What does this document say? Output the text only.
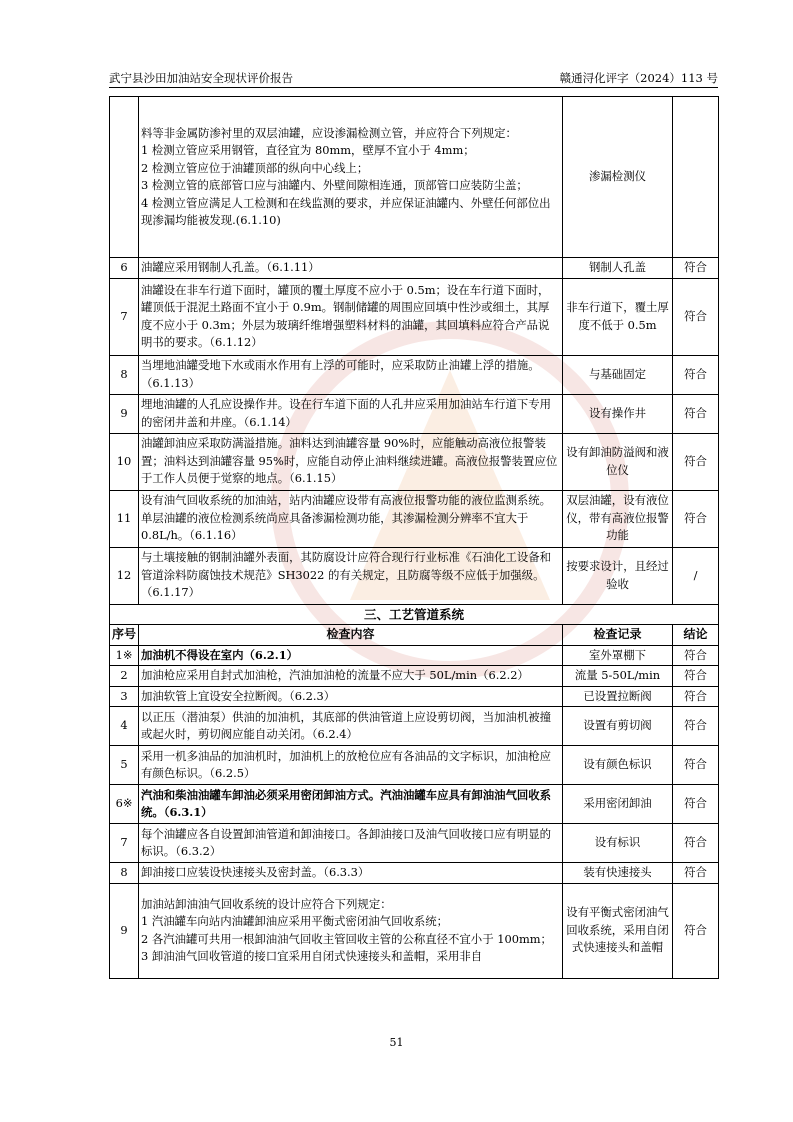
武宁县沙田加油站安全现状评价报告	赣通浔化评字（2024）113 号
	料等非金属防渗衬里的双层油罐，应设渗漏检测立管，并应符合下列规定：
1 检测立管应采用钢管，直径宜为 80mm，壁厚不宜小于 4mm；
2 检测立管应位于油罐顶部的纵向中心线上；
3 检测立管的底部管口应与油罐内、外壁间隙相连通，顶部管口应装防尘盖；
4 检测立管应满足人工检测和在线监测的要求，并应保证油罐内、外壁任何部位出现渗漏均能被发现.(6.1.10)	渗漏检测仪	
6	油罐应采用钢制人孔盖。（6.1.11）	钢制人孔盖	符合
7	油罐设在非车行道下面时，罐顶的覆土厚度不应小于 0.5m；设在车行道下面时，罐顶低于混泥土路面不宜小于 0.9m。钢制储罐的周围应回填中性沙或细土，其厚度不应小于 0.3m；外层为玻璃纤维增强塑料材料的油罐，其回填料应符合产品说明书的要求。（6.1.12）	非车行道下，覆土厚度不低于 0.5m	符合
8	当埋地油罐受地下水或雨水作用有上浮的可能时，应采取防止油罐上浮的措施。（6.1.13）	与基础固定	符合
9	埋地油罐的人孔应设操作井。设在行车道下面的人孔井应采用加油站车行道下专用的密闭井盖和井座。（6.1.14）	设有操作井	符合
10	油罐卸油应采取防满溢措施。油料达到油罐容量 90%时，应能触动高液位报警装置；油料达到油罐容量 95%时，应能自动停止油料继续进罐。高液位报警装置应位于工作人员便于觉察的地点。（6.1.15）	设有卸油防溢阀和液位仪	符合
11	设有油气回收系统的加油站，站内油罐应设带有高液位报警功能的液位监测系统。单层油罐的液位检测系统尚应具备渗漏检测功能，其渗漏检测分辨率不宜大于 0.8L/h。（6.1.16）	双层油罐，设有液位仪，带有高液位报警功能	符合
12	与土壤接触的钢制油罐外表面，其防腐设计应符合现行行业标准《石油化工设备和管道涂料防腐蚀技术规范》SH3022 的有关规定，且防腐等级不应低于加强级。（6.1.17）	按要求设计，且经过验收	/
三、工艺管道系统			
序号	检查内容	检查记录	结论
1※	加油机不得设在室内（6.2.1）	室外罩棚下	符合
2	加油枪应采用自封式加油枪，汽油加油枪的流量不应大于 50L/min（6.2.2）	流量 5-50L/min	符合
3	加油软管上宜设安全拉断阀。（6.2.3）	已设置拉断阀	符合
4	以正压（潜油泵）供油的加油机，其底部的供油管道上应设剪切阀，当加油机被撞或起火时，剪切阀应能自动关闭。（6.2.4）	设置有剪切阀	符合
5	采用一机多油品的加油机时，加油机上的放枪位应有各油品的文字标识，加油枪应有颜色标识。（6.2.5）	设有颜色标识	符合
6※	汽油和柴油油罐车卸油必须采用密闭卸油方式。汽油油罐车应具有卸油油气回收系统。（6.3.1）	采用密闭卸油	符合
7	每个油罐应各自设置卸油管道和卸油接口。各卸油接口及油气回收接口应有明显的标识。（6.3.2）	设有标识	符合
8	卸油接口应装设快速接头及密封盖。（6.3.3）	装有快速接头	符合
9	加油站卸油油气回收系统的设计应符合下列规定：
1 汽油罐车向站内油罐卸油应采用平衡式密闭油气回收系统；
2 各汽油罐可共用一根卸油油气回收主管回收主管的公称直径不宜小于 100mm；
3 卸油油气回收管道的接口宜采用自闭式快速接头和盖帽，采用非自	设有平衡式密闭油气回收系统，采用自闭式快速接头和盖帽	符合
51
